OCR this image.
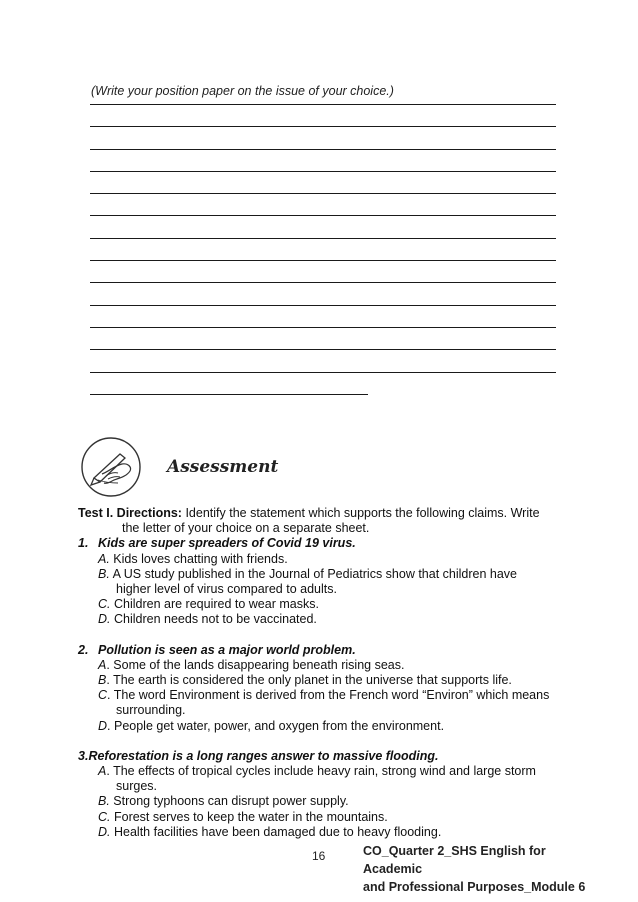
(Write your position paper on the issue of your choice.)
Assessment

Test I. Directions: Identify the statement which supports the following claims. Write
the letter of your choice on a separate sheet.

1. Kids are super spreaders of Covid 19 virus.
A. Kids loves chatting with friends.
B. A US study published in the Journal of Pediatrics show that children have
higher level of virus compared to adults.
C. Children are required to wear masks.
D. Children needs not to be vaccinated.
2. Pollution is seen as a major world problem.
A. Some of the lands disappearing beneath rising seas.
B. The earth is considered the only planet in the universe that supports life.
C. The word Environment is derived from the French word “Environ” which means
surrounding.
D. People get water, power, and oxygen from the environment.
3.Reforestation is a long ranges answer to massive flooding.
A. The effects of tropical cycles include heavy rain, strong wind and large storm
surges.
B. Strong typhoons can disrupt power supply.
C. Forest serves to keep the water in the mountains.
D. Health facilities have been damaged due to heavy flooding.
16	CO_Quarter 2_SHS English for Academic
and Professional Purposes_Module 6
